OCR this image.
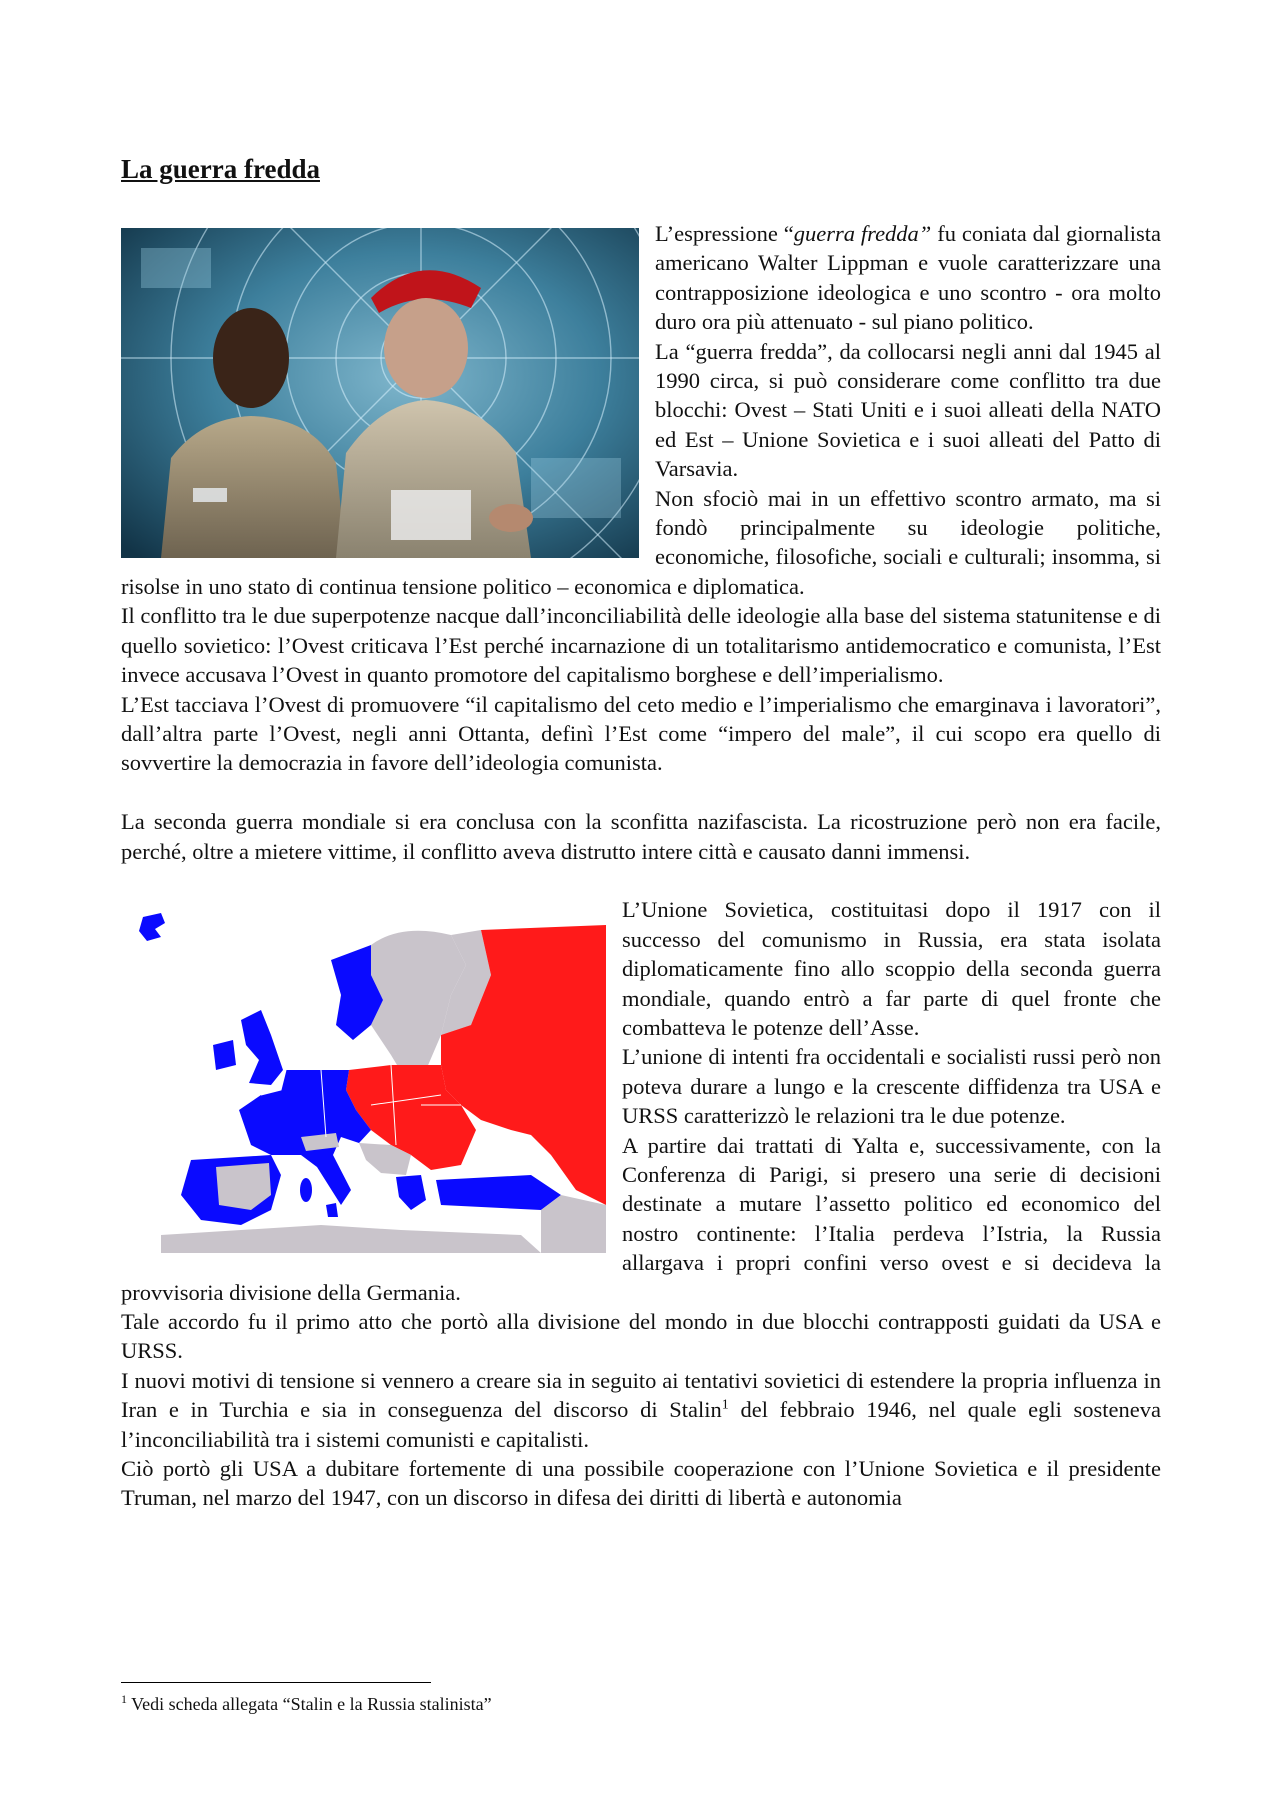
La guerra fredda

L’espressione “guerra fredda” fu coniata dal giornalista americano Walter Lippman e vuole caratterizzare una contrapposizione ideologica e uno scontro - ora molto duro ora più attenuato - sul piano politico.

La “guerra fredda”, da collocarsi negli anni dal 1945 al 1990 circa, si può considerare come conflitto tra due blocchi: Ovest – Stati Uniti e i suoi alleati della NATO ed Est – Unione Sovietica e i suoi alleati del Patto di Varsavia.

Non sfociò mai in un effettivo scontro armato, ma si fondò principalmente su ideologie politiche, economiche, filosofiche, sociali e culturali; insomma, si risolse in uno stato di continua tensione politico – economica e diplomatica.

Il conflitto tra le due superpotenze nacque dall’inconciliabilità delle ideologie alla base del sistema statunitense e di quello sovietico: l’Ovest criticava l’Est perché incarnazione di un totalitarismo antidemocratico e comunista, l’Est invece accusava l’Ovest in quanto promotore del capitalismo borghese e dell’imperialismo.

L’Est tacciava l’Ovest di promuovere “il capitalismo del ceto medio e l’imperialismo che emarginava i lavoratori”, dall’altra parte l’Ovest, negli anni Ottanta, definì l’Est come “impero del male”, il cui scopo era quello di sovvertire la democrazia in favore dell’ideologia comunista.

La seconda guerra mondiale si era conclusa con la sconfitta nazifascista. La ricostruzione però non era facile, perché, oltre a mietere vittime, il conflitto aveva distrutto intere città e causato danni immensi.

L’Unione Sovietica, costituitasi dopo il 1917 con il successo del comunismo in Russia, era stata isolata diplomaticamente fino allo scoppio della seconda guerra mondiale, quando entrò a far parte di quel fronte che combatteva le potenze dell’Asse.

L’unione di intenti fra occidentali e socialisti russi però non poteva durare a lungo e la crescente diffidenza tra USA e URSS caratterizzò le relazioni tra le due potenze.

A partire dai trattati di Yalta e, successivamente, con la Conferenza di Parigi, si presero una serie di decisioni destinate a mutare l’assetto politico ed economico del nostro continente: l’Italia perdeva l’Istria, la Russia allargava i propri confini verso ovest e si decideva la provvisoria divisione della Germania.

Tale accordo fu il primo atto che portò alla divisione del mondo in due blocchi contrapposti guidati da USA e URSS.

I nuovi motivi di tensione si vennero a creare sia in seguito ai tentativi sovietici di estendere la propria influenza in Iran e in Turchia e sia in conseguenza del discorso di Stalin$^1$ del febbraio 1946, nel quale egli sosteneva l’inconciliabilità tra i sistemi comunisti e capitalisti.

Ciò portò gli USA a dubitare fortemente di una possibile cooperazione con l’Unione Sovietica e il presidente Truman, nel marzo del 1947, con un discorso in difesa dei diritti di libertà e autonomia

$^1$ Vedi scheda allegata “Stalin e la Russia stalinista”
